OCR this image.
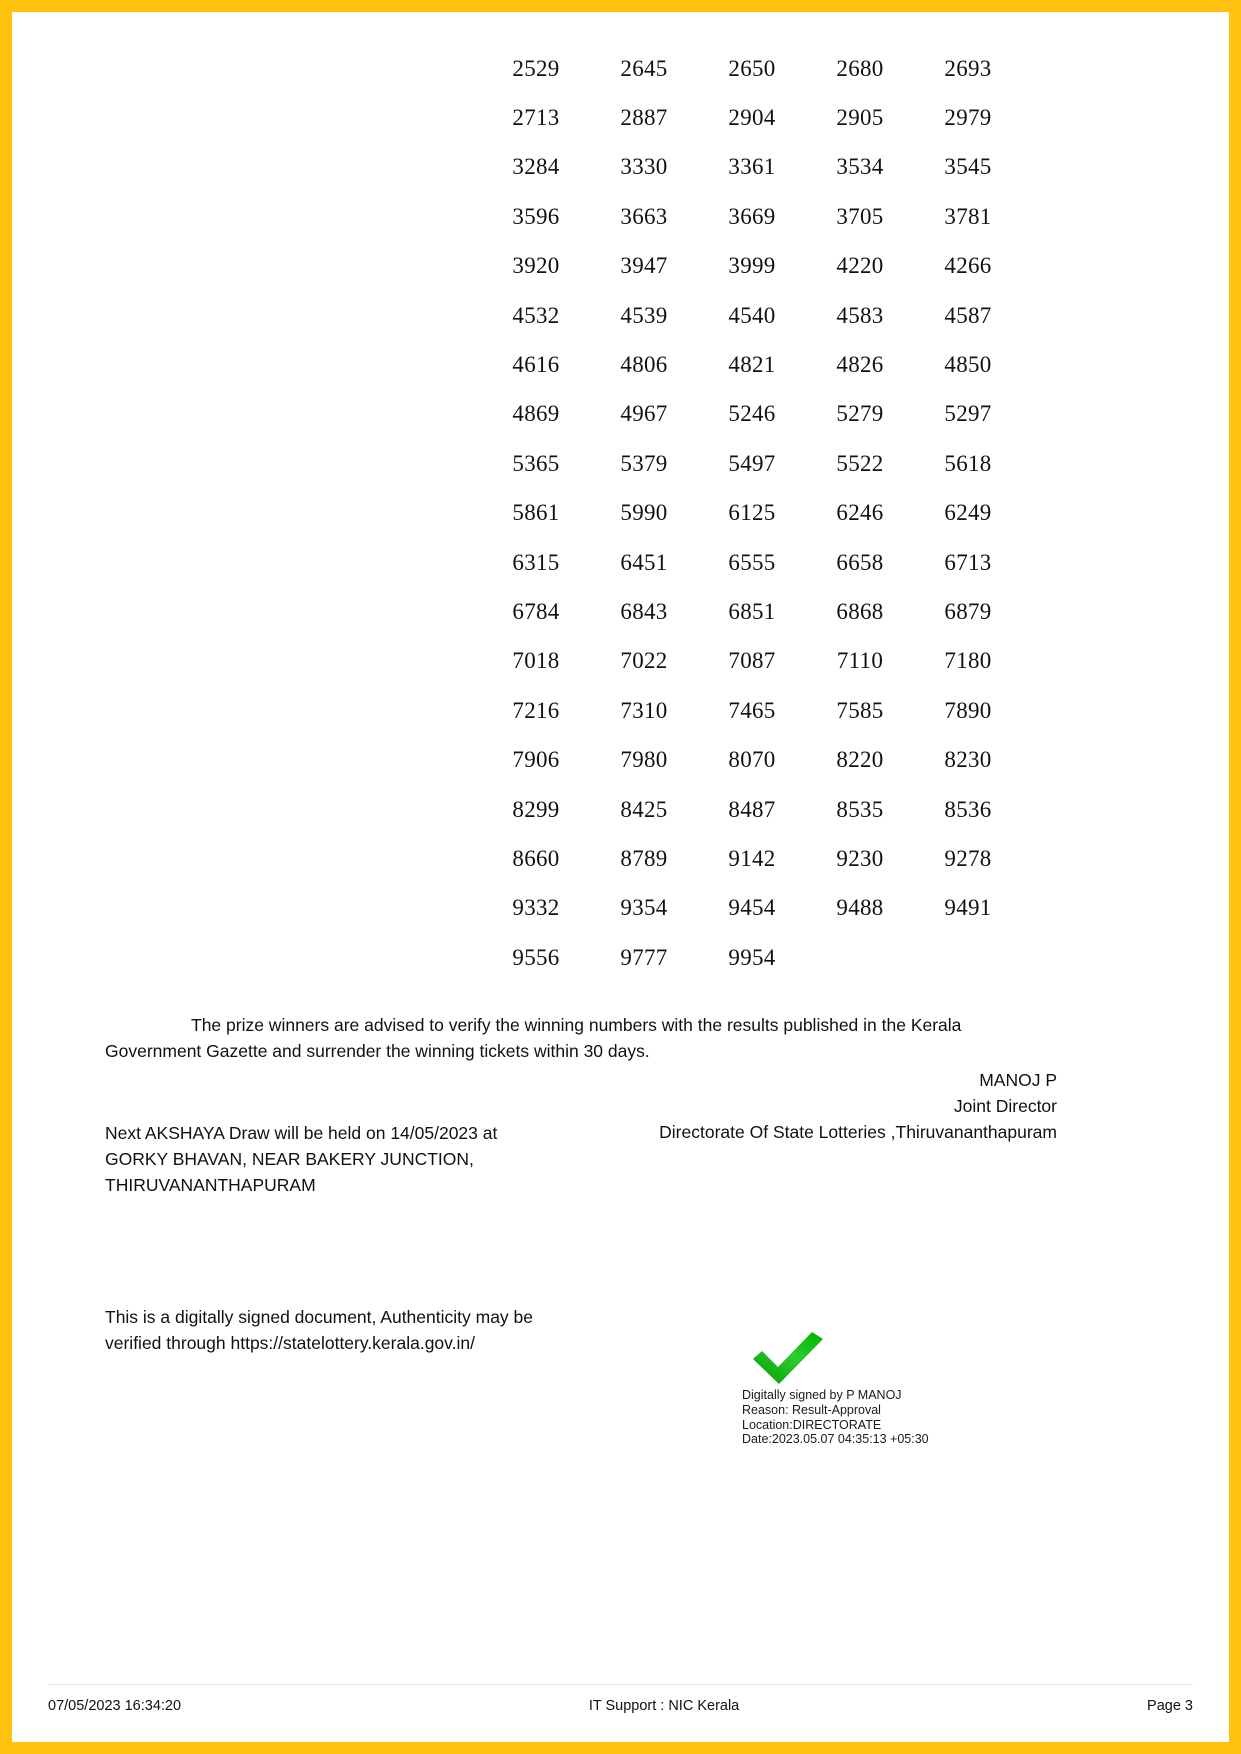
2529	2645	2650	2680	2693
2713	2887	2904	2905	2979
3284	3330	3361	3534	3545
3596	3663	3669	3705	3781
3920	3947	3999	4220	4266
4532	4539	4540	4583	4587
4616	4806	4821	4826	4850
4869	4967	5246	5279	5297
5365	5379	5497	5522	5618
5861	5990	6125	6246	6249
6315	6451	6555	6658	6713
6784	6843	6851	6868	6879
7018	7022	7087	7110	7180
7216	7310	7465	7585	7890
7906	7980	8070	8220	8230
8299	8425	8487	8535	8536
8660	8789	9142	9230	9278
9332	9354	9454	9488	9491
9556	9777	9954
The prize winners are advised to verify the winning numbers with the results published in the Kerala Government Gazette and surrender the winning tickets within 30 days.
MANOJ P
Joint Director
Directorate Of State Lotteries ,Thiruvananthapuram
Next AKSHAYA Draw will be held on 14/05/2023 at
GORKY BHAVAN, NEAR BAKERY JUNCTION,
THIRUVANANTHAPURAM
This is a digitally signed document, Authenticity may be
verified through https://statelottery.kerala.gov.in/
Digitally signed by P MANOJ
Reason: Result-Approval
Location:DIRECTORATE
Date:2023.05.07 04:35:13 +05:30
07/05/2023 16:34:20	IT Support : NIC Kerala	Page 3
